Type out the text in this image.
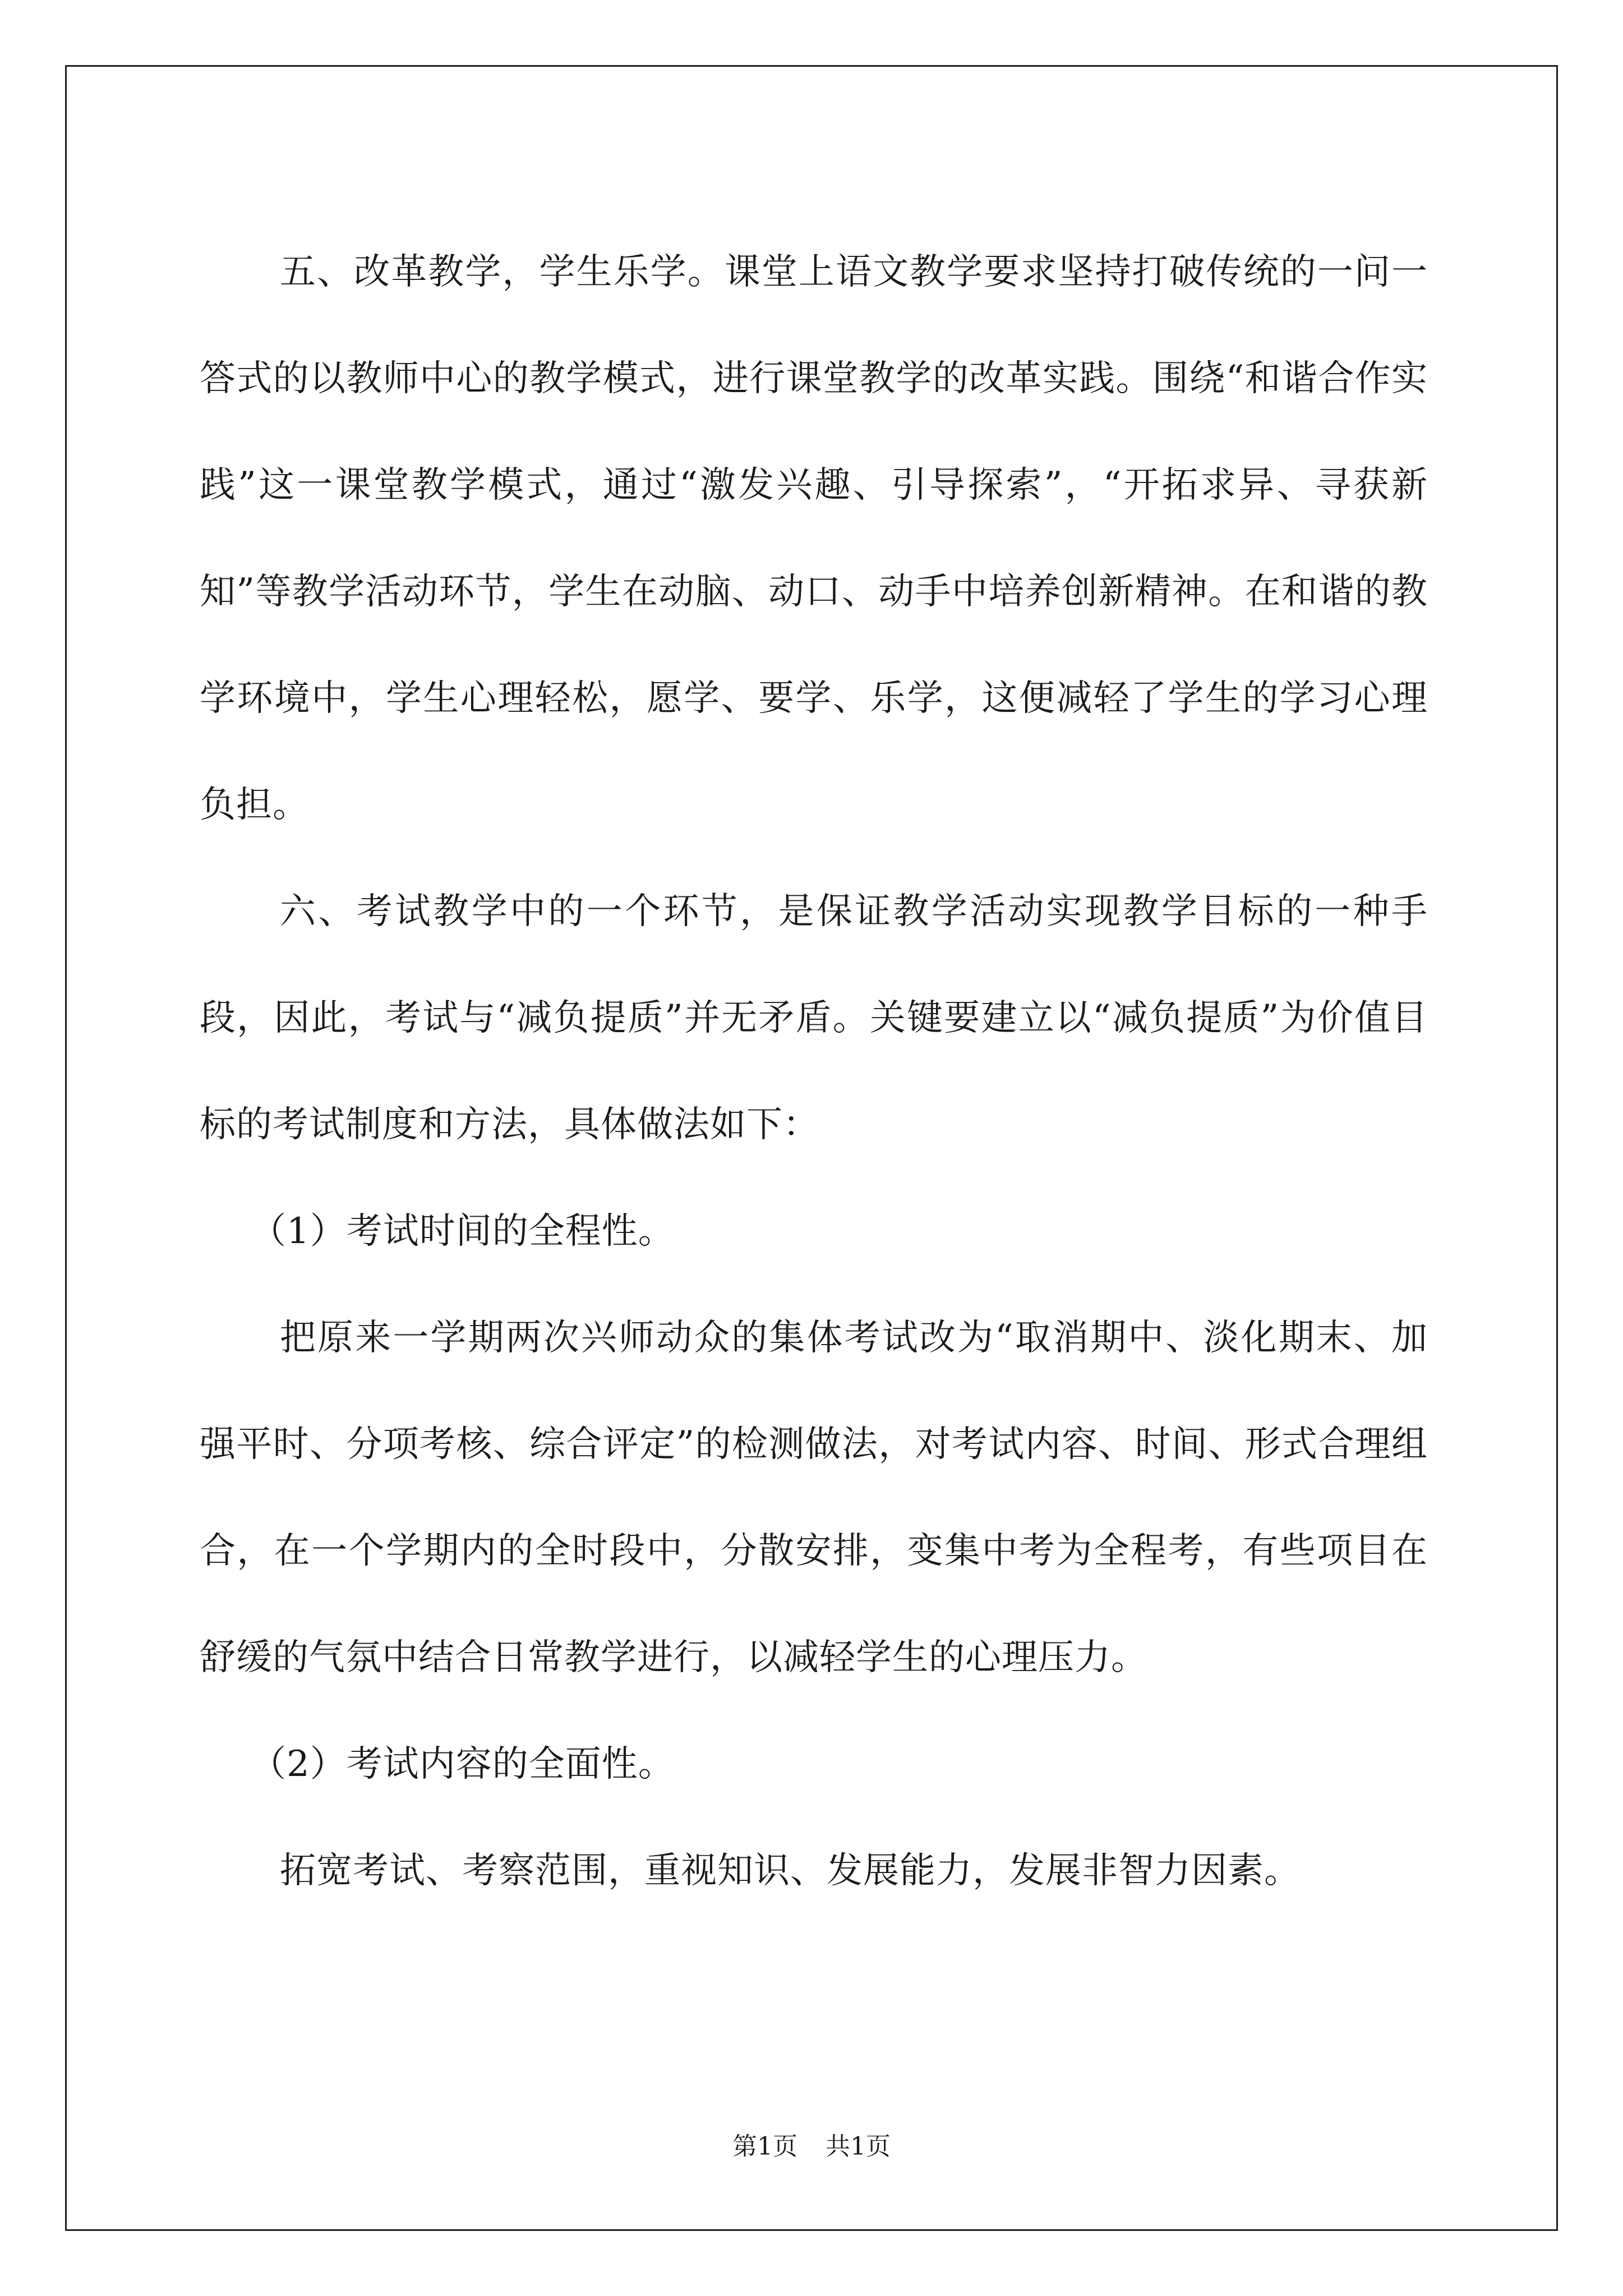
五、改革教学，学生乐学。课堂上语文教学要求坚持打破传统的一问一答式的以教师中心的教学模式，进行课堂教学的改革实践。围绕“和谐合作实践”这一课堂教学模式，通过“激发兴趣、引导探索”，“开拓求异、寻获新知”等教学活动环节，学生在动脑、动口、动手中培养创新精神。在和谐的教学环境中，学生心理轻松，愿学、要学、乐学，这便减轻了学生的学习心理负担。

六、考试教学中的一个环节，是保证教学活动实现教学目标的一种手段，因此，考试与“减负提质”并无矛盾。关键要建立以“减负提质”为价值目标的考试制度和方法，具体做法如下：

（1）考试时间的全程性。

把原来一学期两次兴师动众的集体考试改为“取消期中、淡化期末、加强平时、分项考核、综合评定”的检测做法，对考试内容、时间、形式合理组合，在一个学期内的全时段中，分散安排，变集中考为全程考，有些项目在舒缓的气氛中结合日常教学进行，以减轻学生的心理压力。

（2）考试内容的全面性。

拓宽考试、考察范围，重视知识、发展能力，发展非智力因素。

第1页 共1页
